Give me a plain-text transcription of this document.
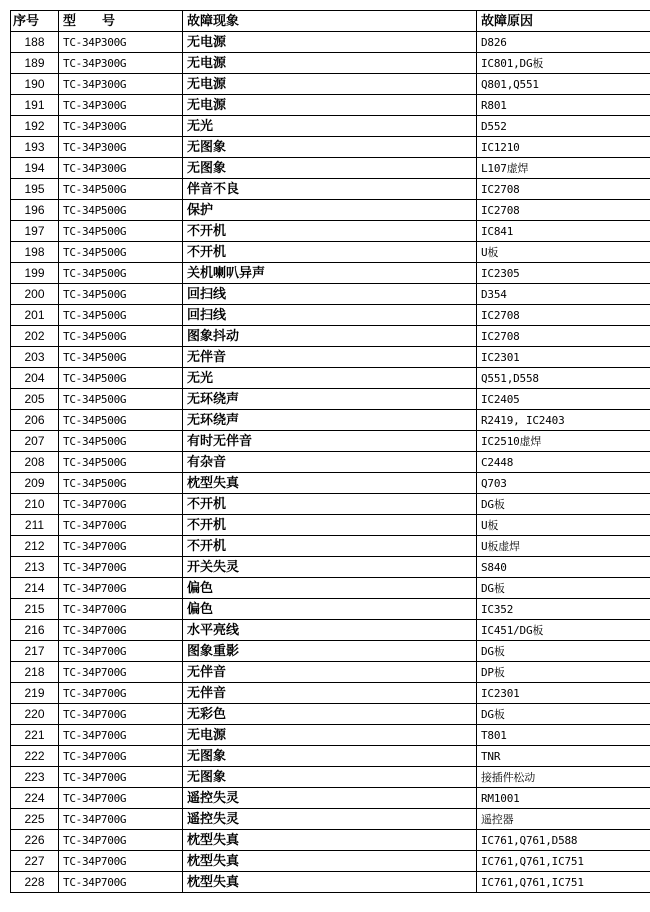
序号	型　　号	故障现象	故障原因
188	TC-34P300G	无电源	D826
189	TC-34P300G	无电源	IC801,DG板
190	TC-34P300G	无电源	Q801,Q551
191	TC-34P300G	无电源	R801
192	TC-34P300G	无光	D552
193	TC-34P300G	无图象	IC1210
194	TC-34P300G	无图象	L107虚焊
195	TC-34P500G	伴音不良	IC2708
196	TC-34P500G	保护	IC2708
197	TC-34P500G	不开机	IC841
198	TC-34P500G	不开机	U板
199	TC-34P500G	关机喇叭异声	IC2305
200	TC-34P500G	回扫线	D354
201	TC-34P500G	回扫线	IC2708
202	TC-34P500G	图象抖动	IC2708
203	TC-34P500G	无伴音	IC2301
204	TC-34P500G	无光	Q551,D558
205	TC-34P500G	无环绕声	IC2405
206	TC-34P500G	无环绕声	R2419, IC2403
207	TC-34P500G	有时无伴音	IC2510虚焊
208	TC-34P500G	有杂音	C2448
209	TC-34P500G	枕型失真	Q703
210	TC-34P700G	不开机	DG板
211	TC-34P700G	不开机	U板
212	TC-34P700G	不开机	U板虚焊
213	TC-34P700G	开关失灵	S840
214	TC-34P700G	偏色	DG板
215	TC-34P700G	偏色	IC352
216	TC-34P700G	水平亮线	IC451/DG板
217	TC-34P700G	图象重影	DG板
218	TC-34P700G	无伴音	DP板
219	TC-34P700G	无伴音	IC2301
220	TC-34P700G	无彩色	DG板
221	TC-34P700G	无电源	T801
222	TC-34P700G	无图象	TNR
223	TC-34P700G	无图象	接插件松动
224	TC-34P700G	遥控失灵	RM1001
225	TC-34P700G	遥控失灵	遥控器
226	TC-34P700G	枕型失真	IC761,Q761,D588
227	TC-34P700G	枕型失真	IC761,Q761,IC751
228	TC-34P700G	枕型失真	IC761,Q761,IC751
